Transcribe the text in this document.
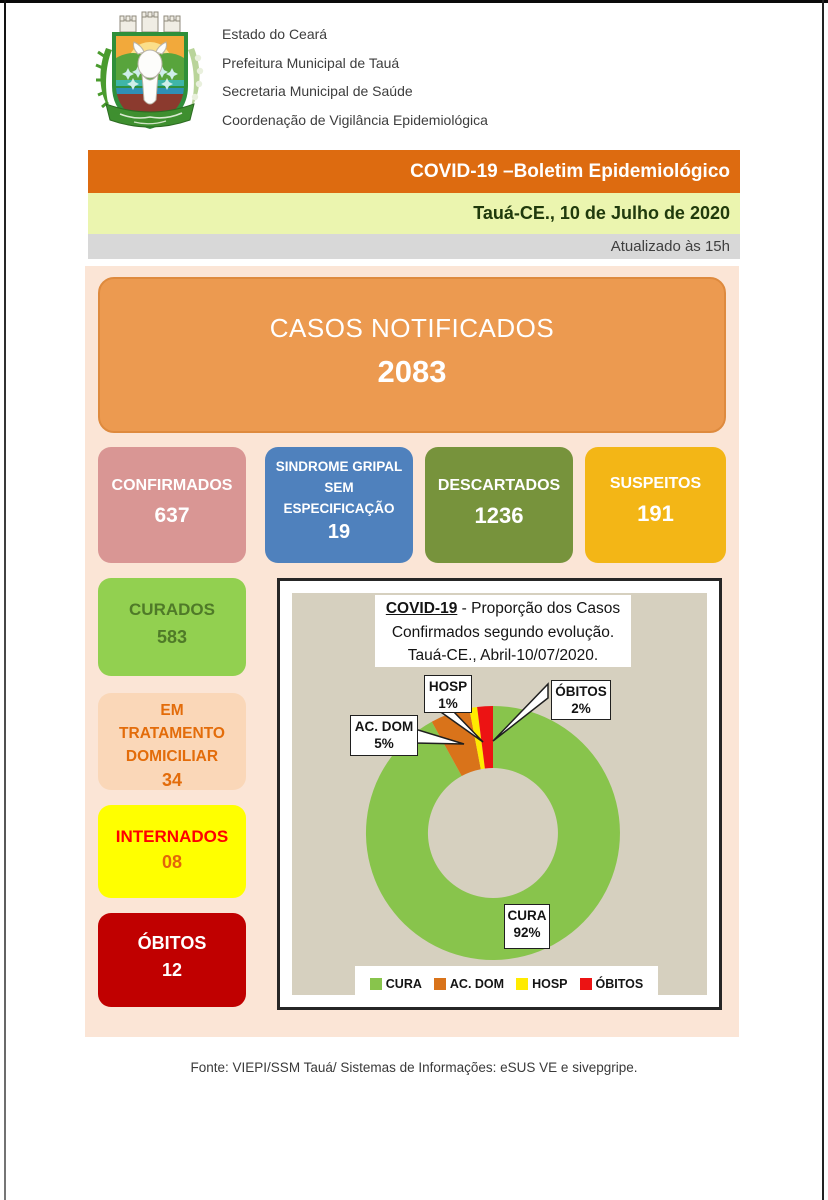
Estado do Ceará
Prefeitura Municipal de Tauá
Secretaria Municipal de Saúde
Coordenação de Vigilância Epidemiológica
COVID-19 –Boletim Epidemiológico
Tauá-CE., 10 de Julho de 2020
Atualizado às 15h
CASOS NOTIFICADOS
2083
CONFIRMADOS
637
SINDROME GRIPAL SEM ESPECIFICAÇÃO
19
DESCARTADOS
1236
SUSPEITOS
191
CURADOS
583
EM TRATAMENTO DOMICILIAR
34
INTERNADOS
08
ÓBITOS
12
COVID-19 - Proporção dos Casos
Confirmados segundo evolução.
Tauá-CE., Abril-10/07/2020.
AC. DOM
5%
HOSP
1%
ÓBITOS
2%
CURA
92%
CURA AC. DOM HOSP ÓBITOS
Fonte: VIEPI/SSM Tauá/ Sistemas de Informações: eSUS VE e sivepgripe.
